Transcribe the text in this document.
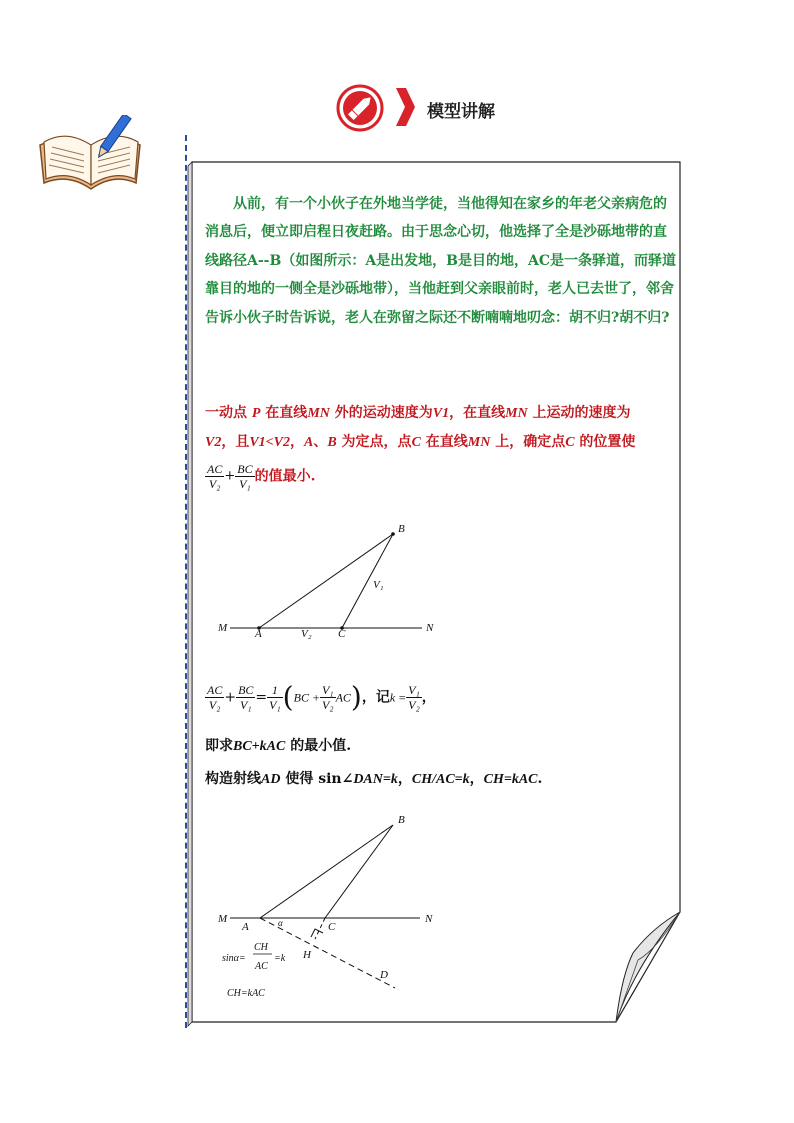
模型讲解
从前，有一个小伙子在外地当学徒，当他得知在家乡的年老父亲病危的消息后，便立即启程日夜赶路。由于思念心切，他选择了全是沙砾地带的直线路径A--B（如图所示：A是出发地，B是目的地，AC是一条驿道，而驿道靠目的地的一侧全是沙砾地带），当他赶到父亲眼前时，老人已去世了，邻舍告诉小伙子时告诉说，老人在弥留之际还不断喃喃地叨念：胡不归?胡不归?
一动点 P 在直线MN 外的运动速度为V1，在直线MN 上运动的速度为
V2，且V1<V2，A、B 为定点，点C 在直线MN 上，确定点C 的位置使
$\frac{AC}{\text{V₂}} + \frac{BC}{\text{V₁}}$ 的值最小.
B
V₁
M	A	V₂ C	N
$\frac{AC}{\text{V₂}} + \frac{BC}{\text{V₁}} = \frac{1}{\text{V₁}} (BC + \frac{\text{V₁}}{\text{V₂}} AC)$，记$k = \frac{\text{V₁}}{\text{V₂}}$ ，
即求BC+kAC 的最小值.
构造射线AD 使得 sin∠DAN=k，CH/AC=k，CH=kAC.
B
M	N
A	α	C
H
D
sinα=
CH
AC
=k
CH=kAC
